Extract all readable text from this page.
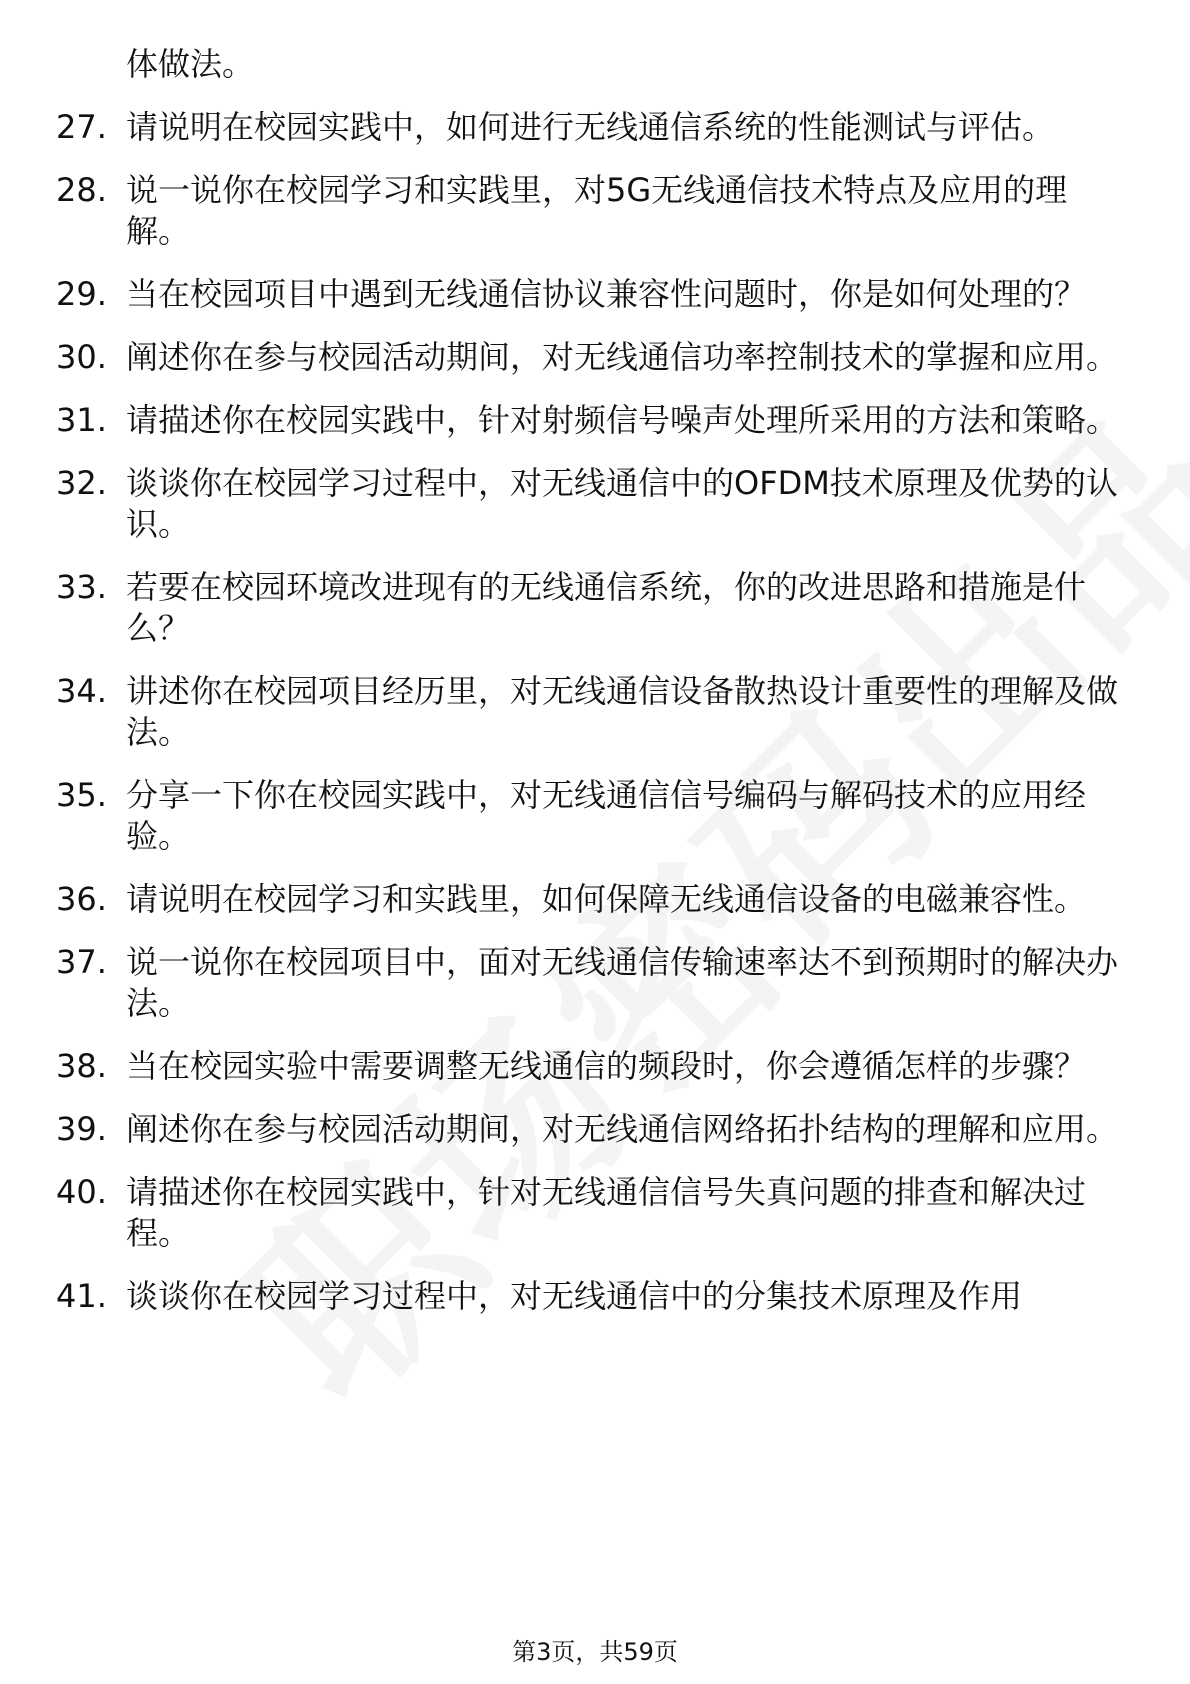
体做法。
27. 请说明在校园实践中，如何进行无线通信系统的性能测试与评估。
28. 说一说你在校园学习和实践里，对5G无线通信技术特点及应用的理解。
29. 当在校园项目中遇到无线通信协议兼容性问题时，你是如何处理的？
30. 阐述你在参与校园活动期间，对无线通信功率控制技术的掌握和应用。
31. 请描述你在校园实践中，针对射频信号噪声处理所采用的方法和策略。
32. 谈谈你在校园学习过程中，对无线通信中的OFDM技术原理及优势的认识。
33. 若要在校园环境改进现有的无线通信系统，你的改进思路和措施是什么？
34. 讲述你在校园项目经历里，对无线通信设备散热设计重要性的理解及做法。
35. 分享一下你在校园实践中，对无线通信信号编码与解码技术的应用经验。
36. 请说明在校园学习和实践里，如何保障无线通信设备的电磁兼容性。
37. 说一说你在校园项目中，面对无线通信传输速率达不到预期时的解决办法。
38. 当在校园实验中需要调整无线通信的频段时，你会遵循怎样的步骤？
39. 阐述你在参与校园活动期间，对无线通信网络拓扑结构的理解和应用。
40. 请描述你在校园实践中，针对无线通信信号失真问题的排查和解决过程。
41. 谈谈你在校园学习过程中，对无线通信中的分集技术原理及作用
第3页，共59页
